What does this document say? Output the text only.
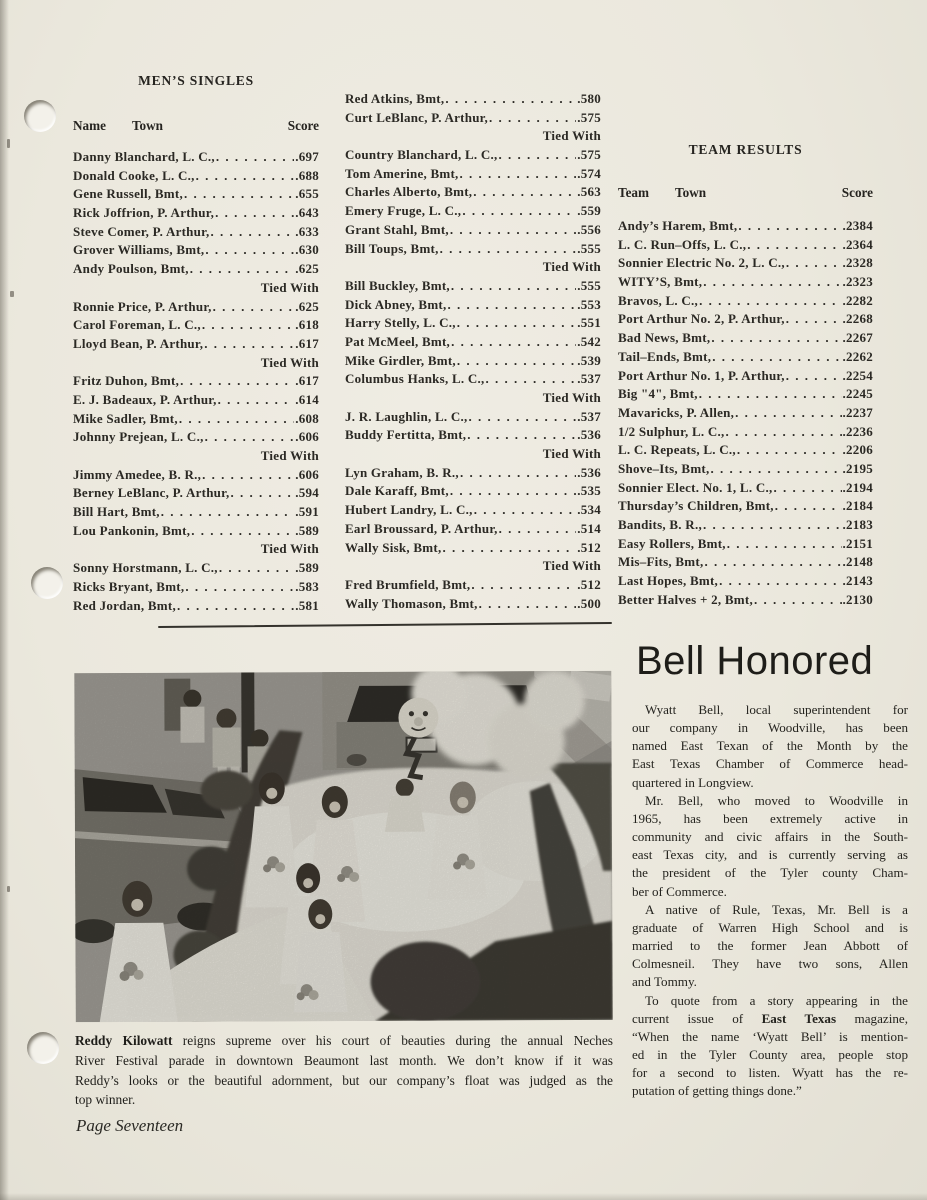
MEN’S SINGLES
Name Town	Score
Danny Blanchard, L. C., . . .	. 697
Donald Cooke, L. C., . . .	. 688
Gene Russell, Bmt, . . .	. 655
Rick Joffrion, P. Arthur, . . .	. 643
Steve Comer, P. Arthur, . . .	. 633
Grover Williams, Bmt, . . .	. 630
Andy Poulson, Bmt, . . .	. 625
Tied With
Ronnie Price, P. Arthur, . . .	. 625
Carol Foreman, L. C., . . .	. 618
Lloyd Bean, P. Arthur, . . .	. 617
Tied With
Fritz Duhon, Bmt, . . .	. 617
E. J. Badeaux, P. Arthur, . . .	. 614
Mike Sadler, Bmt, . . .	. 608
Johnny Prejean, L. C., . . .	. 606
Tied With
Jimmy Amedee, B. R., . . .	. 606
Berney LeBlanc, P. Arthur, . . .	. 594
Bill Hart, Bmt, . . .	. 591
Lou Pankonin, Bmt, . . .	. 589
Tied With
Sonny Horstmann, L. C., . . .	. 589
Ricks Bryant, Bmt, . . .	. 583
Red Jordan, Bmt, . . .	. 581
Red Atkins, Bmt, . . .	. 580
Curt LeBlanc, P. Arthur, . . .	. 575
Tied With
Country Blanchard, L. C., . . .	. 575
Tom Amerine, Bmt, . . .	. 574
Charles Alberto, Bmt, . . .	. 563
Emery Fruge, L. C., . . .	. 559
Grant Stahl, Bmt, . . .	. 556
Bill Toups, Bmt, . . .	. 555
Tied With
Bill Buckley, Bmt, . . .	. 555
Dick Abney, Bmt, . . .	. 553
Harry Stelly, L. C., . . .	. 551
Pat McMeel, Bmt, . . .	. 542
Mike Girdler, Bmt, . . .	. 539
Columbus Hanks, L. C., . . .	. 537
Tied With
J. R. Laughlin, L. C., . . .	. 537
Buddy Fertitta, Bmt, . . .	. 536
Tied With
Lyn Graham, B. R., . . .	. 536
Dale Karaff, Bmt, . . .	. 535
Hubert Landry, L. C., . . .	. 534
Earl Broussard, P. Arthur, . . .	. 514
Wally Sisk, Bmt, . . .	. 512
Tied With
Fred Brumfield, Bmt, . . .	. 512
Wally Thomason, Bmt, . . .	. 500
TEAM RESULTS
Team Town	Score
Andy’s Harem, Bmt, . . .	. 2384
L. C. Run–Offs, L. C., . . .	. 2364
Sonnier Electric No. 2, L. C., . . .	. 2328
WITY’S, Bmt, . . .	. 2323
Bravos, L. C., . . .	. 2282
Port Arthur No. 2, P. Arthur, . . .	. 2268
Bad News, Bmt, . . .	. 2267
Tail–Ends, Bmt, . . .	. 2262
Port Arthur No. 1, P. Arthur, . . .	. 2254
Big "4", Bmt, . . .	. 2245
Mavaricks, P. Allen, . . .	. 2237
1/2 Sulphur, L. C., . . .	. 2236
L. C. Repeats, L. C., . . .	. 2206
Shove–Its, Bmt, . . .	. 2195
Sonnier Elect. No. 1, L. C., . . .	. 2194
Thursday’s Children, Bmt, . . .	. 2184
Bandits, B. R., . . .	. 2183
Easy Rollers, Bmt, . . .	. 2151
Mis–Fits, Bmt, . . .	. 2148
Last Hopes, Bmt, . . .	. 2143
Better Halves + 2, Bmt, . . .	. 2130
Bell Honored
Wyatt Bell, local superintendent for
our company in Woodville, has been
named East Texan of the Month by the
East Texas Chamber of Commerce head-
quartered in Longview.
Mr. Bell, who moved to Woodville in
1965, has been extremely active in
community and civic affairs in the South-
east Texas city, and is currently serving as
the president of the Tyler county Cham-
ber of Commerce.
A native of Rule, Texas, Mr. Bell is a
graduate of Warren High School and is
married to the former Jean Abbott of
Colmesneil. They have two sons, Allen
and Tommy.
To quote from a story appearing in the
current issue of East Texas magazine,
“When the name ‘Wyatt Bell’ is mention-
ed in the Tyler County area, people stop
for a second to listen. Wyatt has the re-
putation of getting things done.”
Reddy Kilowatt reigns supreme over his court of beauties during the annual Neches
River Festival parade in downtown Beaumont last month. We don’t know if it was
Reddy’s looks or the beautiful adornment, but our company’s float was judged as the
top winner.
Page Seventeen
